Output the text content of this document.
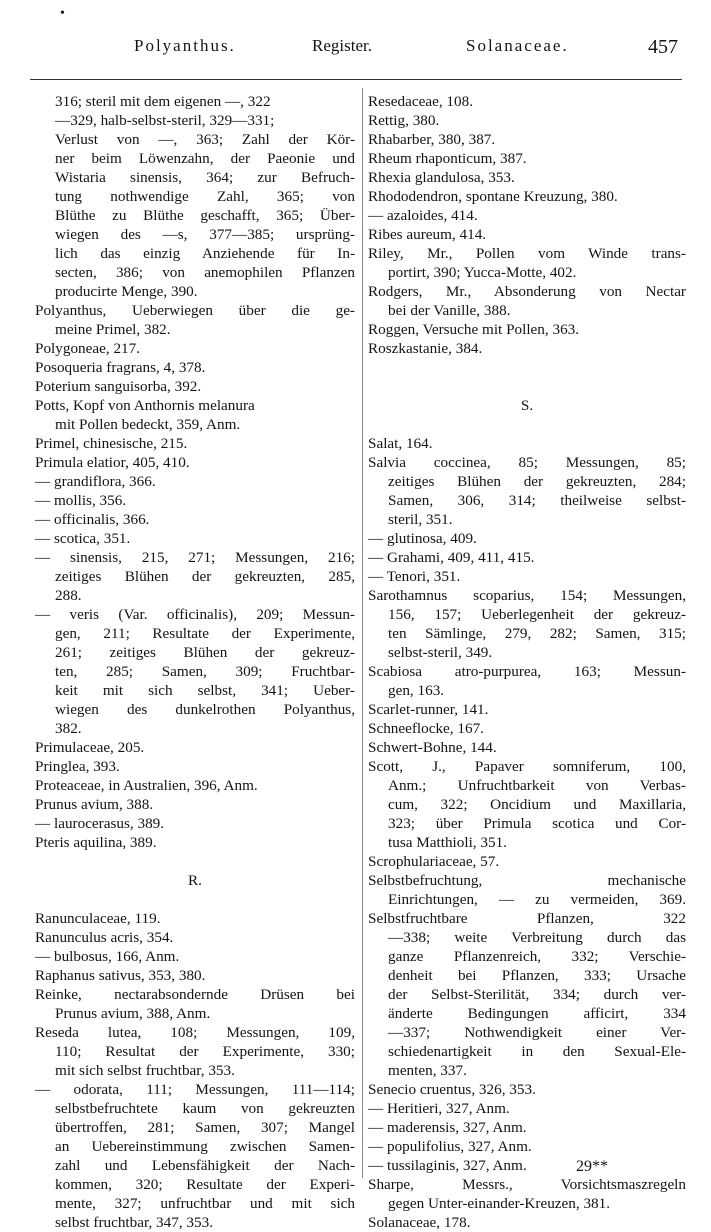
•
Polyanthus.	Register.	Solanaceae.	457
316; steril mit dem eigenen —, 322
—329, halb-selbst-steril, 329—331;
Verlust von —, 363; Zahl der Kör-
ner beim Löwenzahn, der Paeonie und
Wistaria sinensis, 364; zur Befruch-
tung nothwendige Zahl, 365; von
Blüthe zu Blüthe geschafft, 365; Über-
wiegen des —s, 377—385; ursprüng-
lich das einzig Anziehende für In-
secten, 386; von anemophilen Pflanzen
producirte Menge, 390.
Polyanthus, Ueberwiegen über die ge-
meine Primel, 382.
Polygoneae, 217.
Posoqueria fragrans, 4, 378.
Poterium sanguisorba, 392.
Potts, Kopf von Anthornis melanura
mit Pollen bedeckt, 359, Anm.
Primel, chinesische, 215.
Primula elatior, 405, 410.
— grandiflora, 366.
— mollis, 356.
— officinalis, 366.
— scotica, 351.
— sinensis, 215, 271; Messungen, 216;
zeitiges Blühen der gekreuzten, 285,
288.
— veris (Var. officinalis), 209; Messun-
gen, 211; Resultate der Experimente,
261; zeitiges Blühen der gekreuz-
ten, 285; Samen, 309; Fruchtbar-
keit mit sich selbst, 341; Ueber-
wiegen des dunkelrothen Polyanthus,
382.
Primulaceae, 205.
Pringlea, 393.
Proteaceae, in Australien, 396, Anm.
Prunus avium, 388.
— laurocerasus, 389.
Pteris aquilina, 389.
R.
Ranunculaceae, 119.
Ranunculus acris, 354.
— bulbosus, 166, Anm.
Raphanus sativus, 353, 380.
Reinke, nectarabsondernde Drüsen bei
Prunus avium, 388, Anm.
Reseda lutea, 108; Messungen, 109,
110; Resultat der Experimente, 330;
mit sich selbst fruchtbar, 353.
— odorata, 111; Messungen, 111—114;
selbstbefruchtete kaum von gekreuzten
übertroffen, 281; Samen, 307; Mangel
an Uebereinstimmung zwischen Samen-
zahl und Lebensfähigkeit der Nach-
kommen, 320; Resultate der Experi-
mente, 327; unfruchtbar und mit sich
selbst fruchtbar, 347, 353.
Resedaceae, 108.
Rettig, 380.
Rhabarber, 380, 387.
Rheum rhaponticum, 387.
Rhexia glandulosa, 353.
Rhododendron, spontane Kreuzung, 380.
— azaloides, 414.
Ribes aureum, 414.
Riley, Mr., Pollen vom Winde trans-
portirt, 390; Yucca-Motte, 402.
Rodgers, Mr., Absonderung von Nectar
bei der Vanille, 388.
Roggen, Versuche mit Pollen, 363.
Roszkastanie, 384.
S.
Salat, 164.
Salvia coccinea, 85; Messungen, 85;
zeitiges Blühen der gekreuzten, 284;
Samen, 306, 314; theilweise selbst-
steril, 351.
— glutinosa, 409.
— Grahami, 409, 411, 415.
— Tenori, 351.
Sarothamnus scoparius, 154; Messungen,
156, 157; Ueberlegenheit der gekreuz-
ten Sämlinge, 279, 282; Samen, 315;
selbst-steril, 349.
Scabiosa atro-purpurea, 163; Messun-
gen, 163.
Scarlet-runner, 141.
Schneeflocke, 167.
Schwert-Bohne, 144.
Scott, J., Papaver somniferum, 100,
Anm.; Unfruchtbarkeit von Verbas-
cum, 322; Oncidium und Maxillaria,
323; über Primula scotica und Cor-
tusa Matthioli, 351.
Scrophulariaceae, 57.
Selbstbefruchtung, mechanische
Einrichtungen, — zu vermeiden, 369.
Selbstfruchtbare Pflanzen, 322
—338; weite Verbreitung durch das
ganze Pflanzenreich, 332; Verschie-
denheit bei Pflanzen, 333; Ursache
der Selbst-Sterilität, 334; durch ver-
änderte Bedingungen afficirt, 334
—337; Nothwendigkeit einer Ver-
schiedenartigkeit in den Sexual-Ele-
menten, 337.
Senecio cruentus, 326, 353.
— Heritieri, 327, Anm.
— maderensis, 327, Anm.
— populifolius, 327, Anm.
— tussilaginis, 327, Anm.
Sharpe, Messrs., Vorsichtsmaszregeln
gegen Unter-einander-Kreuzen, 381.
Solanaceae, 178.
29**
